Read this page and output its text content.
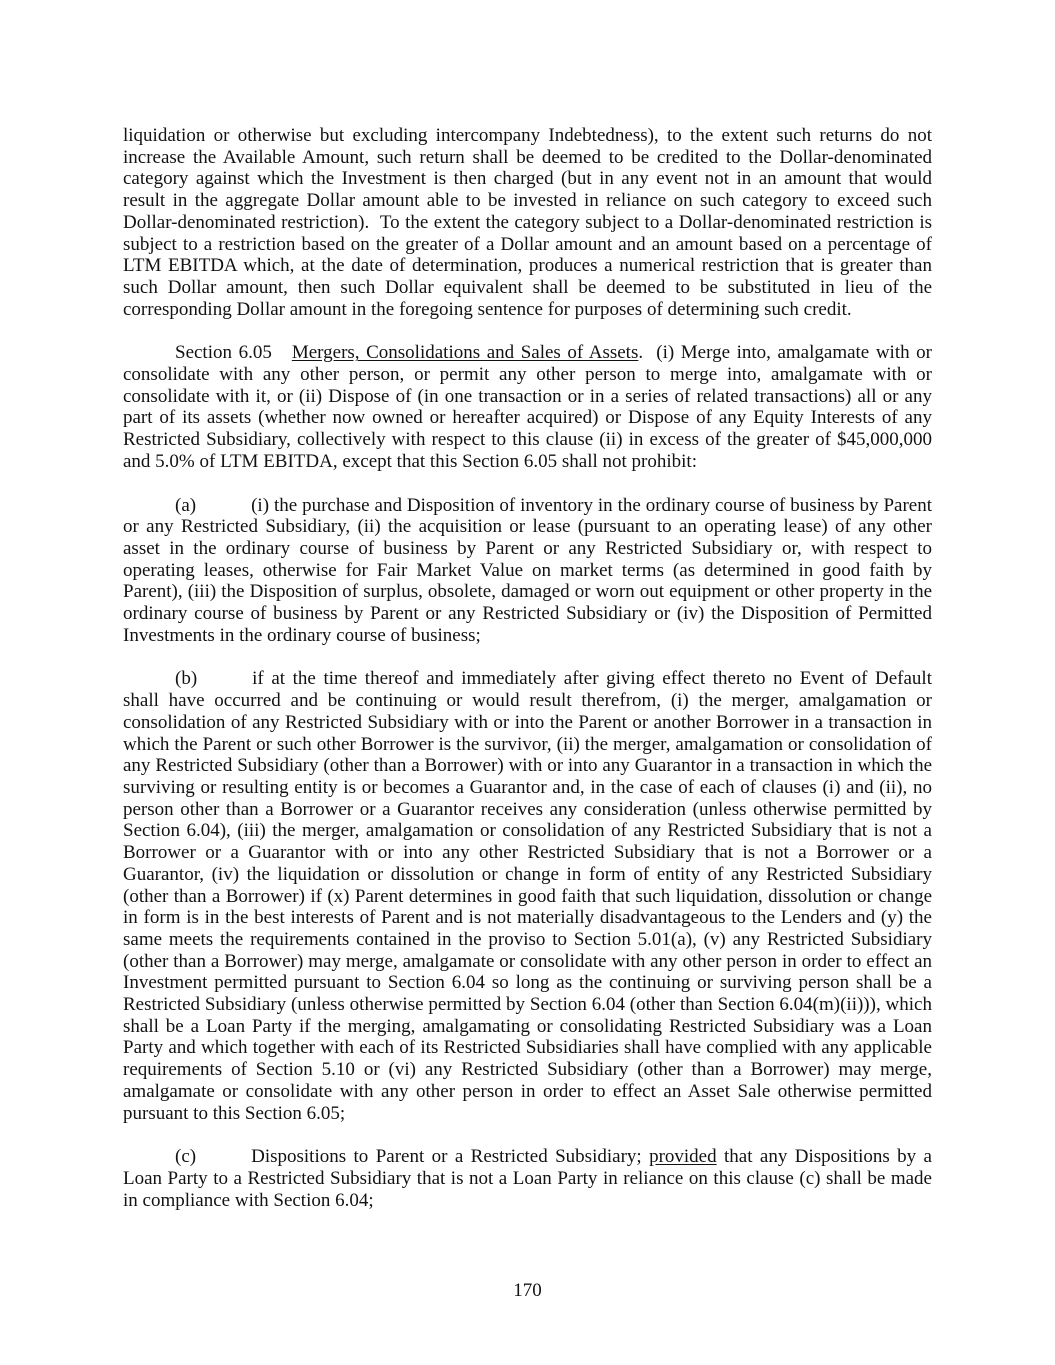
liquidation or otherwise but excluding intercompany Indebtedness), to the extent such returns do not increase the Available Amount, such return shall be deemed to be credited to the Dollar-denominated category against which the Investment is then charged (but in any event not in an amount that would result in the aggregate Dollar amount able to be invested in reliance on such category to exceed such Dollar-denominated restriction).  To the extent the category subject to a Dollar-denominated restriction is subject to a restriction based on the greater of a Dollar amount and an amount based on a percentage of LTM EBITDA which, at the date of determination, produces a numerical restriction that is greater than such Dollar amount, then such Dollar equivalent shall be deemed to be substituted in lieu of the corresponding Dollar amount in the foregoing sentence for purposes of determining such credit.

Section 6.05 Mergers, Consolidations and Sales of Assets.  (i) Merge into, amalgamate with or consolidate with any other person, or permit any other person to merge into, amalgamate with or consolidate with it, or (ii) Dispose of (in one transaction or in a series of related transactions) all or any part of its assets (whether now owned or hereafter acquired) or Dispose of any Equity Interests of any Restricted Subsidiary, collectively with respect to this clause (ii) in excess of the greater of $45,000,000 and 5.0% of LTM EBITDA, except that this Section 6.05 shall not prohibit:

(a)	(i) the purchase and Disposition of inventory in the ordinary course of business by Parent or any Restricted Subsidiary, (ii) the acquisition or lease (pursuant to an operating lease) of any other asset in the ordinary course of business by Parent or any Restricted Subsidiary or, with respect to operating leases, otherwise for Fair Market Value on market terms (as determined in good faith by Parent), (iii) the Disposition of surplus, obsolete, damaged or worn out equipment or other property in the ordinary course of business by Parent or any Restricted Subsidiary or (iv) the Disposition of Permitted Investments in the ordinary course of business;

(b)	if at the time thereof and immediately after giving effect thereto no Event of Default shall have occurred and be continuing or would result therefrom, (i) the merger, amalgamation or consolidation of any Restricted Subsidiary with or into the Parent or another Borrower in a transaction in which the Parent or such other Borrower is the survivor, (ii) the merger, amalgamation or consolidation of any Restricted Subsidiary (other than a Borrower) with or into any Guarantor in a transaction in which the surviving or resulting entity is or becomes a Guarantor and, in the case of each of clauses (i) and (ii), no person other than a Borrower or a Guarantor receives any consideration (unless otherwise permitted by Section 6.04), (iii) the merger, amalgamation or consolidation of any Restricted Subsidiary that is not a Borrower or a Guarantor with or into any other Restricted Subsidiary that is not a Borrower or a Guarantor, (iv) the liquidation or dissolution or change in form of entity of any Restricted Subsidiary (other than a Borrower) if (x) Parent determines in good faith that such liquidation, dissolution or change in form is in the best interests of Parent and is not materially disadvantageous to the Lenders and (y) the same meets the requirements contained in the proviso to Section 5.01(a), (v) any Restricted Subsidiary (other than a Borrower) may merge, amalgamate or consolidate with any other person in order to effect an Investment permitted pursuant to Section 6.04 so long as the continuing or surviving person shall be a Restricted Subsidiary (unless otherwise permitted by Section 6.04 (other than Section 6.04(m)(ii))), which shall be a Loan Party if the merging, amalgamating or consolidating Restricted Subsidiary was a Loan Party and which together with each of its Restricted Subsidiaries shall have complied with any applicable requirements of Section 5.10 or (vi) any Restricted Subsidiary (other than a Borrower) may merge, amalgamate or consolidate with any other person in order to effect an Asset Sale otherwise permitted pursuant to this Section 6.05;

(c)	Dispositions to Parent or a Restricted Subsidiary; provided that any Dispositions by a Loan Party to a Restricted Subsidiary that is not a Loan Party in reliance on this clause (c) shall be made in compliance with Section 6.04;

170
